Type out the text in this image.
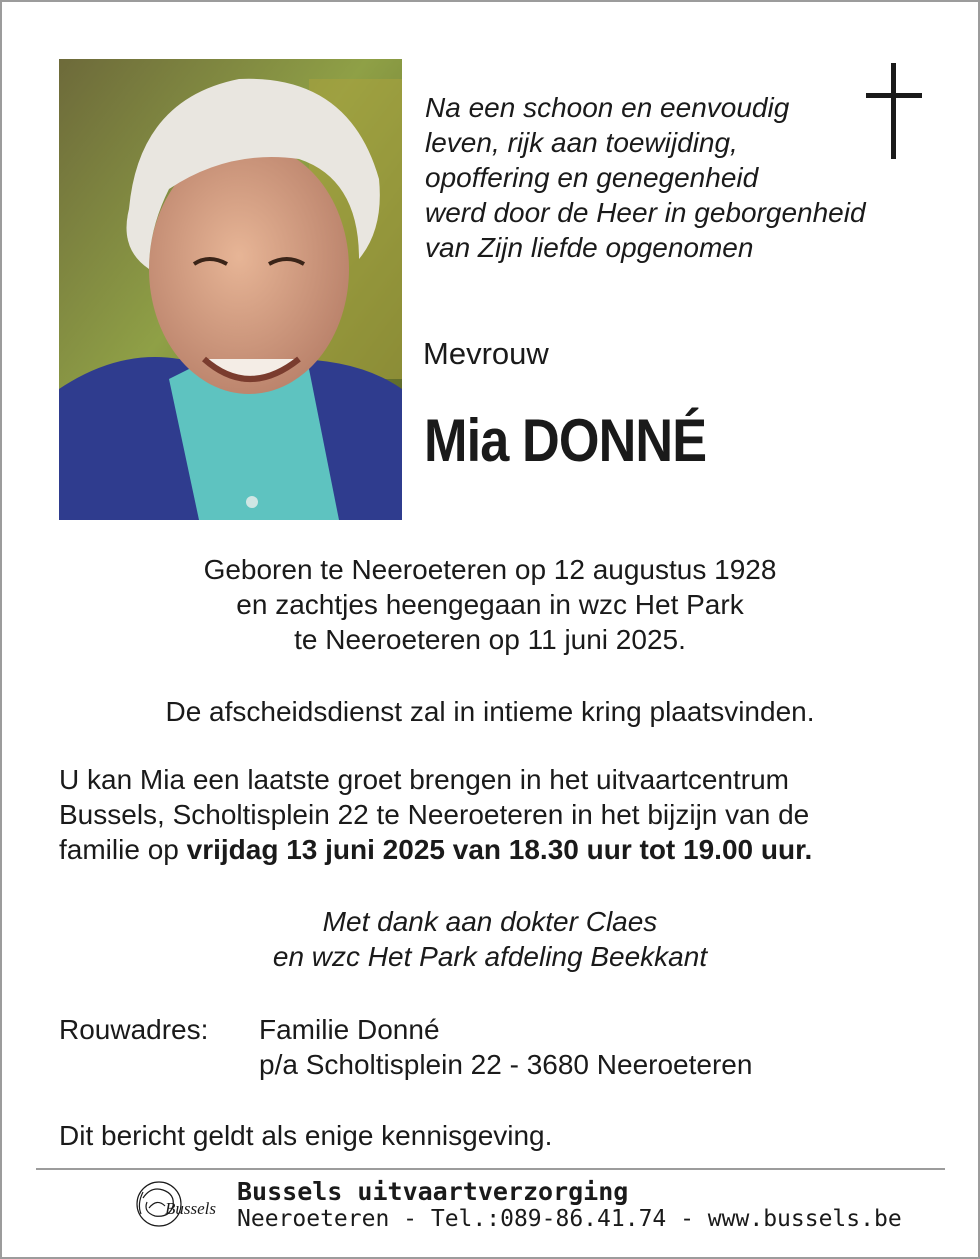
Na een schoon en eenvoudig
leven, rijk aan toewijding,
opoffering en genegenheid
werd door de Heer in geborgenheid
van Zijn liefde opgenomen
Mevrouw
Mia DONNÉ
Geboren te Neeroeteren op 12 augustus 1928
en zachtjes heengegaan in wzc Het Park
te Neeroeteren op 11 juni 2025.
De afscheidsdienst zal in intieme kring plaatsvinden.
U kan Mia een laatste groet brengen in het uitvaartcentrum
Bussels, Scholtisplein 22 te Neeroeteren in het bijzijn van de
familie op vrijdag 13 juni 2025 van 18.30 uur tot 19.00 uur.
Met dank aan dokter Claes
en wzc Het Park afdeling Beekkant
Rouwadres: Familie Donné
p/a Scholtisplein 22 - 3680 Neeroeteren
Dit bericht geldt als enige kennisgeving.
Bussels
Bussels uitvaartverzorging
Neeroeteren - Tel.:089-86.41.74 - www.bussels.be
